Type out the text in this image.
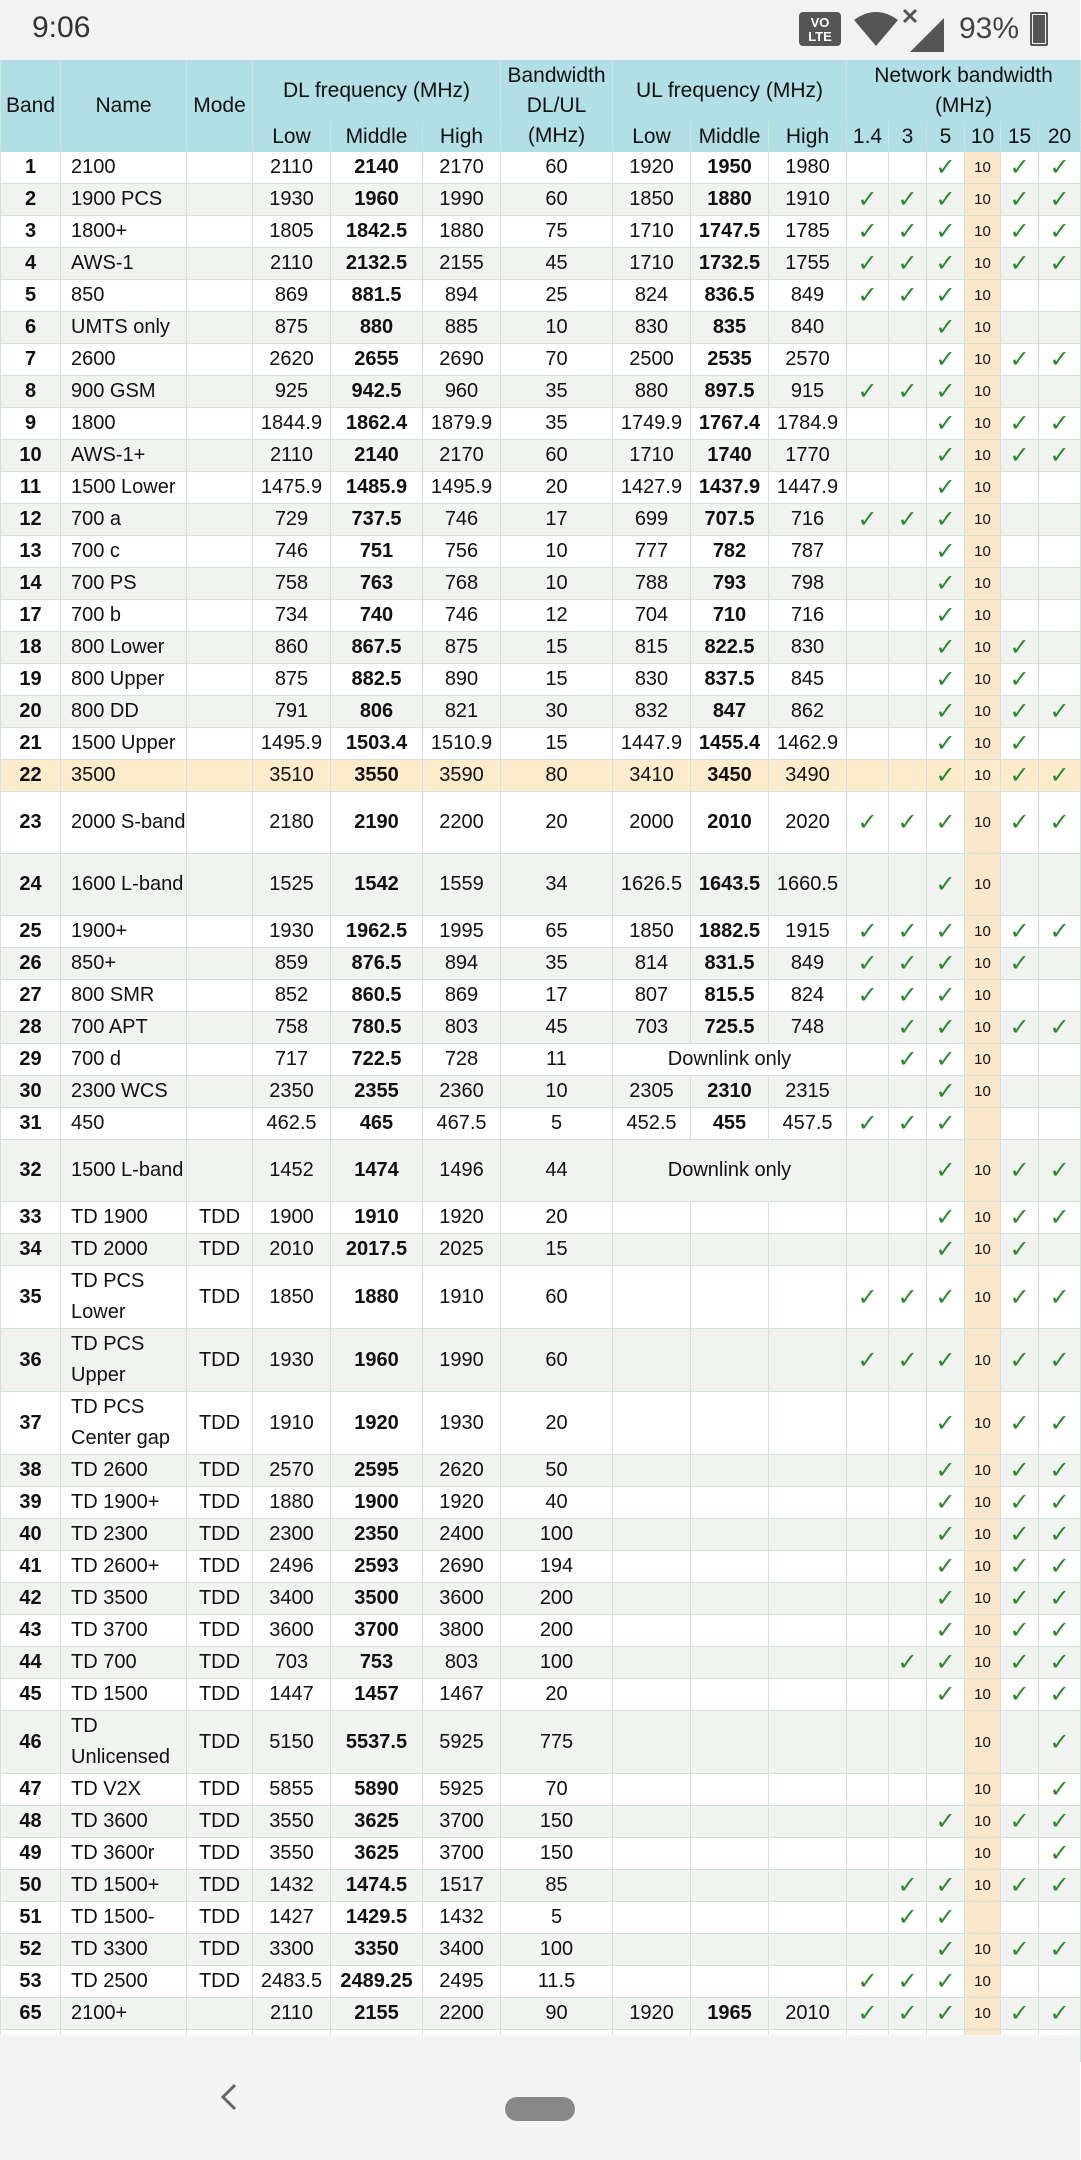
9:06	VO
LTE	93%
Band	Name	Mode	DL frequency (MHz)			Bandwidth DL/UL (MHz)	UL frequency (MHz)			Network bandwidth (MHz)					
			Low	Middle	High		Low	Middle	High	1.4	3	5	10	15	20
1	2100		2110	2140	2170	60	1920	1950	1980			✓	10	✓	✓
2	1900 PCS		1930	1960	1990	60	1850	1880	1910	✓	✓	✓	10	✓	✓
3	1800+		1805	1842.5	1880	75	1710	1747.5	1785	✓	✓	✓	10	✓	✓
4	AWS-1		2110	2132.5	2155	45	1710	1732.5	1755	✓	✓	✓	10	✓	✓
5	850		869	881.5	894	25	824	836.5	849	✓	✓	✓	10		
6	UMTS only		875	880	885	10	830	835	840			✓	10		
7	2600		2620	2655	2690	70	2500	2535	2570			✓	10	✓	✓
8	900 GSM		925	942.5	960	35	880	897.5	915	✓	✓	✓	10		
9	1800		1844.9	1862.4	1879.9	35	1749.9	1767.4	1784.9			✓	10	✓	✓
10	AWS-1+		2110	2140	2170	60	1710	1740	1770			✓	10	✓	✓
11	1500 Lower		1475.9	1485.9	1495.9	20	1427.9	1437.9	1447.9			✓	10		
12	700 a		729	737.5	746	17	699	707.5	716	✓	✓	✓	10		
13	700 c		746	751	756	10	777	782	787			✓	10		
14	700 PS		758	763	768	10	788	793	798			✓	10		
17	700 b		734	740	746	12	704	710	716			✓	10		
18	800 Lower		860	867.5	875	15	815	822.5	830			✓	10	✓	
19	800 Upper		875	882.5	890	15	830	837.5	845			✓	10	✓	
20	800 DD		791	806	821	30	832	847	862			✓	10	✓	✓
21	1500 Upper		1495.9	1503.4	1510.9	15	1447.9	1455.4	1462.9			✓	10	✓	
22	3500		3510	3550	3590	80	3410	3450	3490			✓	10	✓	✓
23	2000 S-band		2180	2190	2200	20	2000	2010	2020	✓	✓	✓	10	✓	✓
24	1600 L-band		1525	1542	1559	34	1626.5	1643.5	1660.5			✓	10		
25	1900+		1930	1962.5	1995	65	1850	1882.5	1915	✓	✓	✓	10	✓	✓
26	850+		859	876.5	894	35	814	831.5	849	✓	✓	✓	10	✓	
27	800 SMR		852	860.5	869	17	807	815.5	824	✓	✓	✓	10		
28	700 APT		758	780.5	803	45	703	725.5	748		✓	✓	10	✓	✓
29	700 d		717	722.5	728	11	Downlink only				✓	✓	10		
30	2300 WCS		2350	2355	2360	10	2305	2310	2315			✓	10		
31	450		462.5	465	467.5	5	452.5	455	457.5	✓	✓	✓			
32	1500 L-band		1452	1474	1496	44	Downlink only					✓	10	✓	✓
33	TD 1900	TDD	1900	1910	1920	20						✓	10	✓	✓
34	TD 2000	TDD	2010	2017.5	2025	15						✓	10	✓	
35	TD PCS Lower	TDD	1850	1880	1910	60				✓	✓	✓	10	✓	✓
36	TD PCS Upper	TDD	1930	1960	1990	60				✓	✓	✓	10	✓	✓
37	TD PCS Center gap	TDD	1910	1920	1930	20						✓	10	✓	✓
38	TD 2600	TDD	2570	2595	2620	50						✓	10	✓	✓
39	TD 1900+	TDD	1880	1900	1920	40						✓	10	✓	✓
40	TD 2300	TDD	2300	2350	2400	100						✓	10	✓	✓
41	TD 2600+	TDD	2496	2593	2690	194						✓	10	✓	✓
42	TD 3500	TDD	3400	3500	3600	200						✓	10	✓	✓
43	TD 3700	TDD	3600	3700	3800	200						✓	10	✓	✓
44	TD 700	TDD	703	753	803	100					✓	✓	10	✓	✓
45	TD 1500	TDD	1447	1457	1467	20						✓	10	✓	✓
46	TD Unlicensed	TDD	5150	5537.5	5925	775							10		✓
47	TD V2X	TDD	5855	5890	5925	70							10		✓
48	TD 3600	TDD	3550	3625	3700	150						✓	10	✓	✓
49	TD 3600r	TDD	3550	3625	3700	150							10		✓
50	TD 1500+	TDD	1432	1474.5	1517	85					✓	✓	10	✓	✓
51	TD 1500-	TDD	1427	1429.5	1432	5					✓	✓			
52	TD 3300	TDD	3300	3350	3400	100						✓	10	✓	✓
53	TD 2500	TDD	2483.5	2489.25	2495	11.5				✓	✓	✓	10		
65	2100+		2110	2155	2200	90	1920	1965	2010	✓	✓	✓	10	✓	✓
